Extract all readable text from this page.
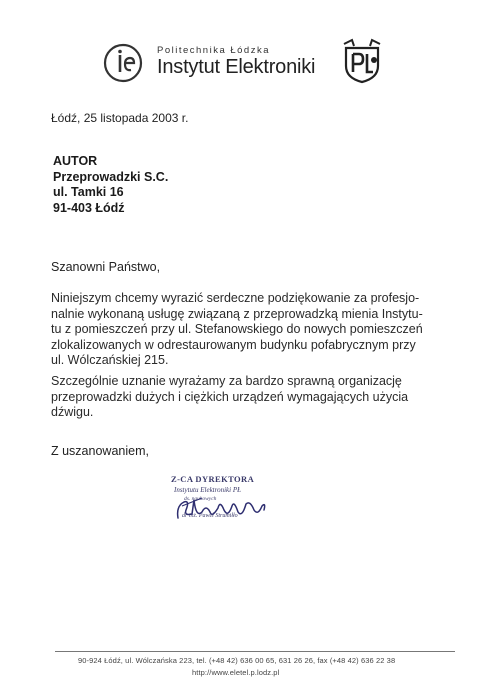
Politechnika Łódzka
Instytut Elektroniki
Łódź, 25 listopada 2003 r.
AUTOR
Przeprowadzki S.C.
ul. Tamki 16
91-403 Łódź
Szanowni Państwo,
Niniejszym chcemy wyrazić serdeczne podziękowanie za profesjo-
nalnie wykonaną usługę związaną z przeprowadzką mienia Instytu-
tu z pomieszczeń przy ul. Stefanowskiego do nowych pomieszczeń
zlokalizowanych w odrestaurowanym budynku pofabrycznym przy
ul. Wólczańskiej 215.
Szczególnie uznanie wyrażamy za bardzo sprawną organizację
przeprowadzki dużych i ciężkich urządzeń wymagających użycia
dźwigu.
Z uszanowaniem,
Z-CA DYREKTORA
Instytutu Elektroniki PŁ
ds. naukowych
dr inż. Paweł Strumiłło
90-924 Łódź, ul. Wólczańska 223, tel. (+48 42) 636 00 65, 631 26 26, fax (+48 42) 636 22 38
http://www.eletel.p.lodz.pl
